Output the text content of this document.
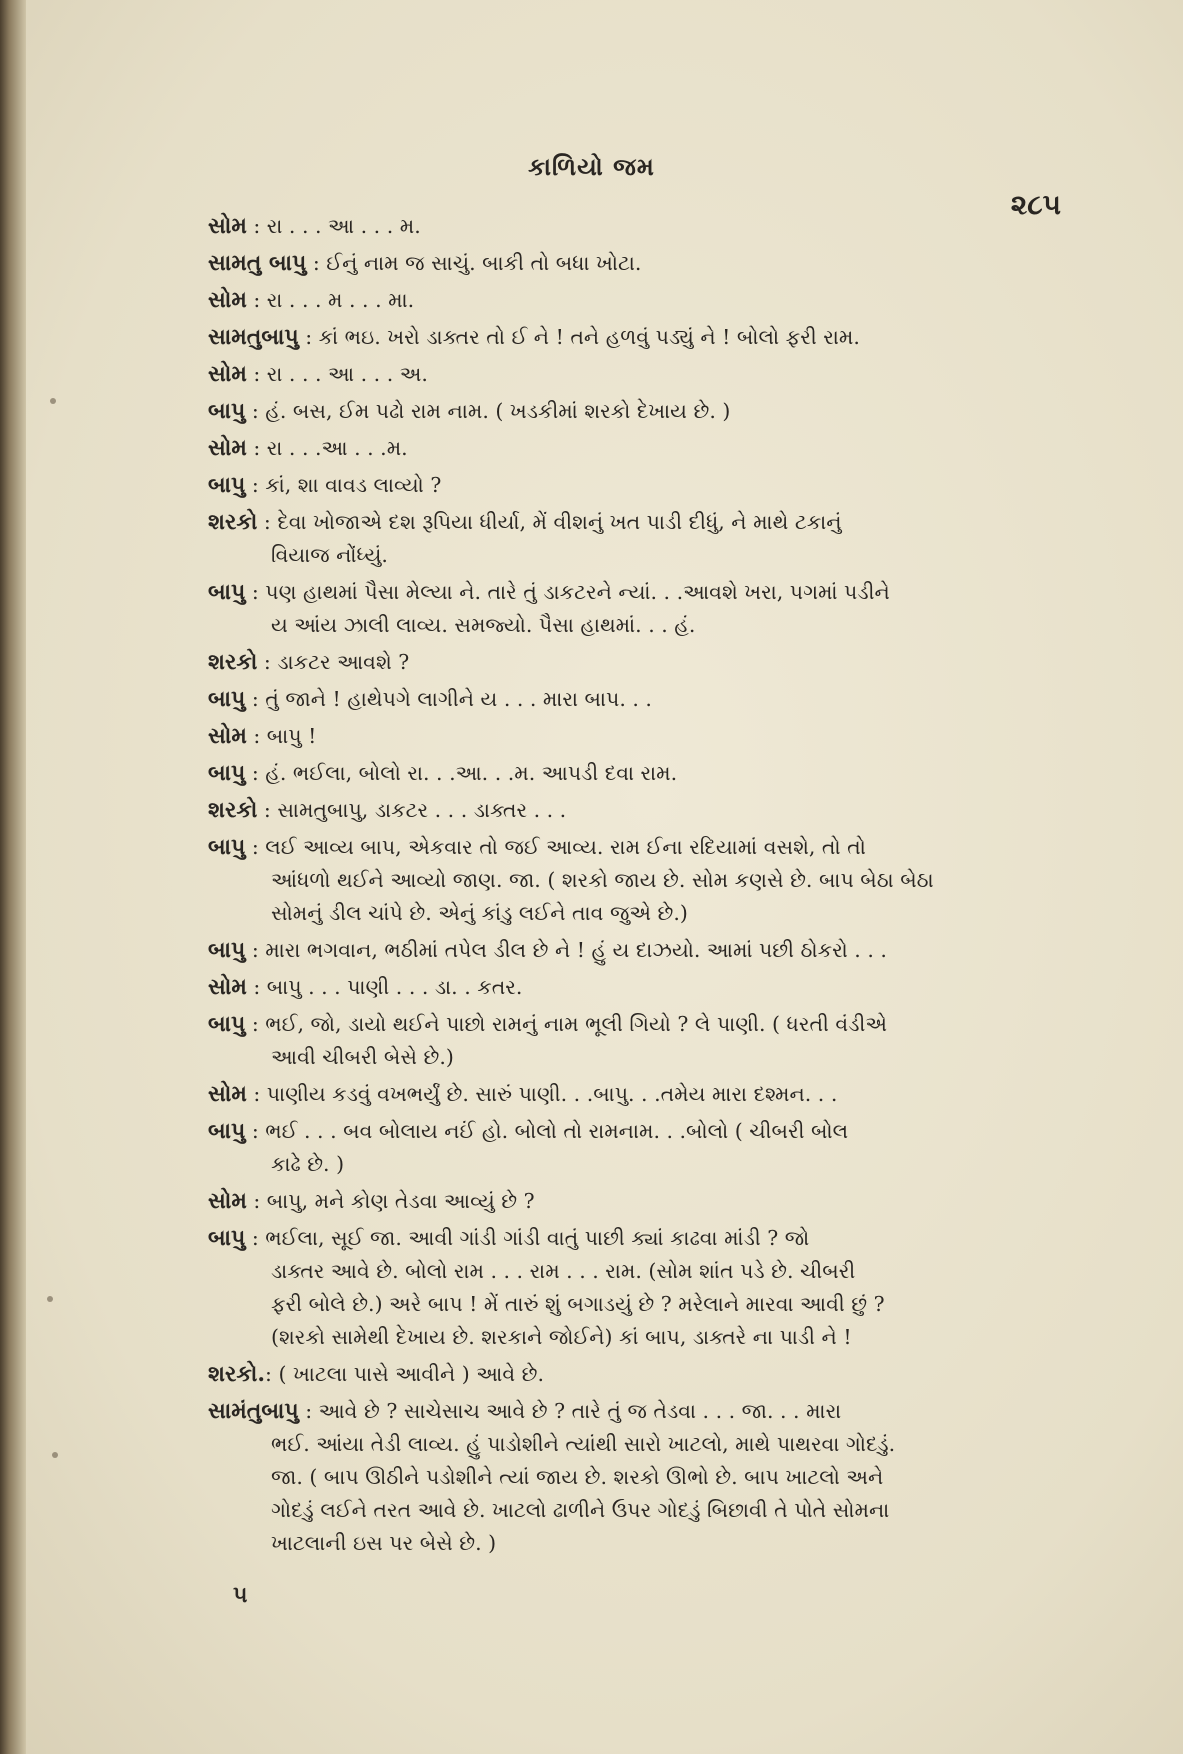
કાળિયો જમ
૨૮૫
સોમ : રા . . . આ . . . મ.
સામતુ બાપુ : ઈનું નામ જ સાચું. બાકી તો બધા ખોટા.
સોમ : રા . . . મ . . . મા.
સામતુબાપુ : કાં ભઇ. ખરો ડાક્તર તો ઈ ને ! તને હળવું પડ્યું ને ! બોલો ફરી રામ.
સોમ : રા . . . આ . . . અ.
બાપુ : હં. બસ, ઈમ પઢો રામ નામ. ( ખડકીમાં શરકો દેખાય છે. )
સોમ : રા . . .આ . . .મ.
બાપુ : કાં, શા વાવડ લાવ્યો ?
શરકો : દેવા ખોજાએ દશ રૂપિયા ધીર્યા, મેં વીશનું ખત પાડી દીધું, ને માથે ટકાનું
વિયાજ નોંધ્યું.
બાપુ : પણ હાથમાં પૈસા મેલ્યા ને. તારે તું ડાકટરને ન્યાં. . .આવશે ખરા, પગમાં પડીને
ય આંય ઝાલી લાવ્ય. સમજ્યો. પૈસા હાથમાં. . . હં.
શરકો : ડાકટર આવશે ?
બાપુ : તું જાને ! હાથેપગે લાગીને ય . . . મારા બાપ. . .
સોમ : બાપુ !
બાપુ : હં. ભઈલા, બોલો રા. . .આ. . .મ. આપડી દવા રામ.
શરકો : સામતુબાપુ, ડાકટર . . . ડાક્તર . . .
બાપુ : લઈ આવ્ય બાપ, એકવાર તો જઈ આવ્ય. રામ ઈના રદિયામાં વસશે, તો તો
આંધળો થઈને આવ્યો જાણ. જા. ( શરકો જાય છે. સોમ કણસે છે. બાપ બેઠા બેઠા
સોમનું ડીલ ચાંપે છે. એનું કાંડુ લઈને તાવ જુએ છે.)
બાપુ : મારા ભગવાન, ભઠીમાં તપેલ ડીલ છે ને ! હું ય દાઝયો. આમાં પછી ઠોકરો . . .
સોમ : બાપુ . . . પાણી . . . ડા. . કતર.
બાપુ : ભઈ, જો, ડાયો થઈને પાછો રામનું નામ ભૂલી ગિયો ? લે પાણી. ( ધરતી વંડીએ
આવી ચીબરી બેસે છે.)
સોમ : પાણીય કડવું વખભર્યું છે. સારું પાણી. . .બાપુ. . .તમેય મારા દશ્મન. . .
બાપુ : ભઈ . . . બવ બોલાય નઈં હો. બોલો તો રામનામ. . .બોલો ( ચીબરી બોલ
કાઢે છે. )
સોમ : બાપુ, મને કોણ તેડવા આવ્યું છે ?
બાપુ : ભઈલા, સૂઈ જા. આવી ગાંડી ગાંડી વાતું પાછી ક્યાં કાઢવા માંડી ? જો
ડાક્તર આવે છે. બોલો રામ . . . રામ . . . રામ. (સોમ શાંત પડે છે. ચીબરી
ફરી બોલે છે.) અરે બાપ ! મેં તારું શું બગાડયું છે ? મરેલાને મારવા આવી છું ?
(શરકો સામેથી દેખાય છે. શરકાને જોઈને) કાં બાપ, ડાક્તરે ના પાડી ને !
શરકો.: ( ખાટલા પાસે આવીને ) આવે છે.
સામંતુબાપુ : આવે છે ? સાચેસાચ આવે છે ? તારે તું જ તેડવા . . . જા. . . મારા
ભઈ. આંયા તેડી લાવ્ય. હું પાડોશીને ત્યાંથી સારો ખાટલો, માથે પાથરવા ગોદડું.
જા. ( બાપ ઊઠીને પડોશીને ત્યાં જાય છે. શરકો ઊભો છે. બાપ ખાટલો અને
ગોદડું લઈને તરત આવે છે. ખાટલો ઢાળીને ઉપર ગોદડું બિછાવી તે પોતે સોમના
ખાટલાની ઇસ પર બેસે છે. )
૫
